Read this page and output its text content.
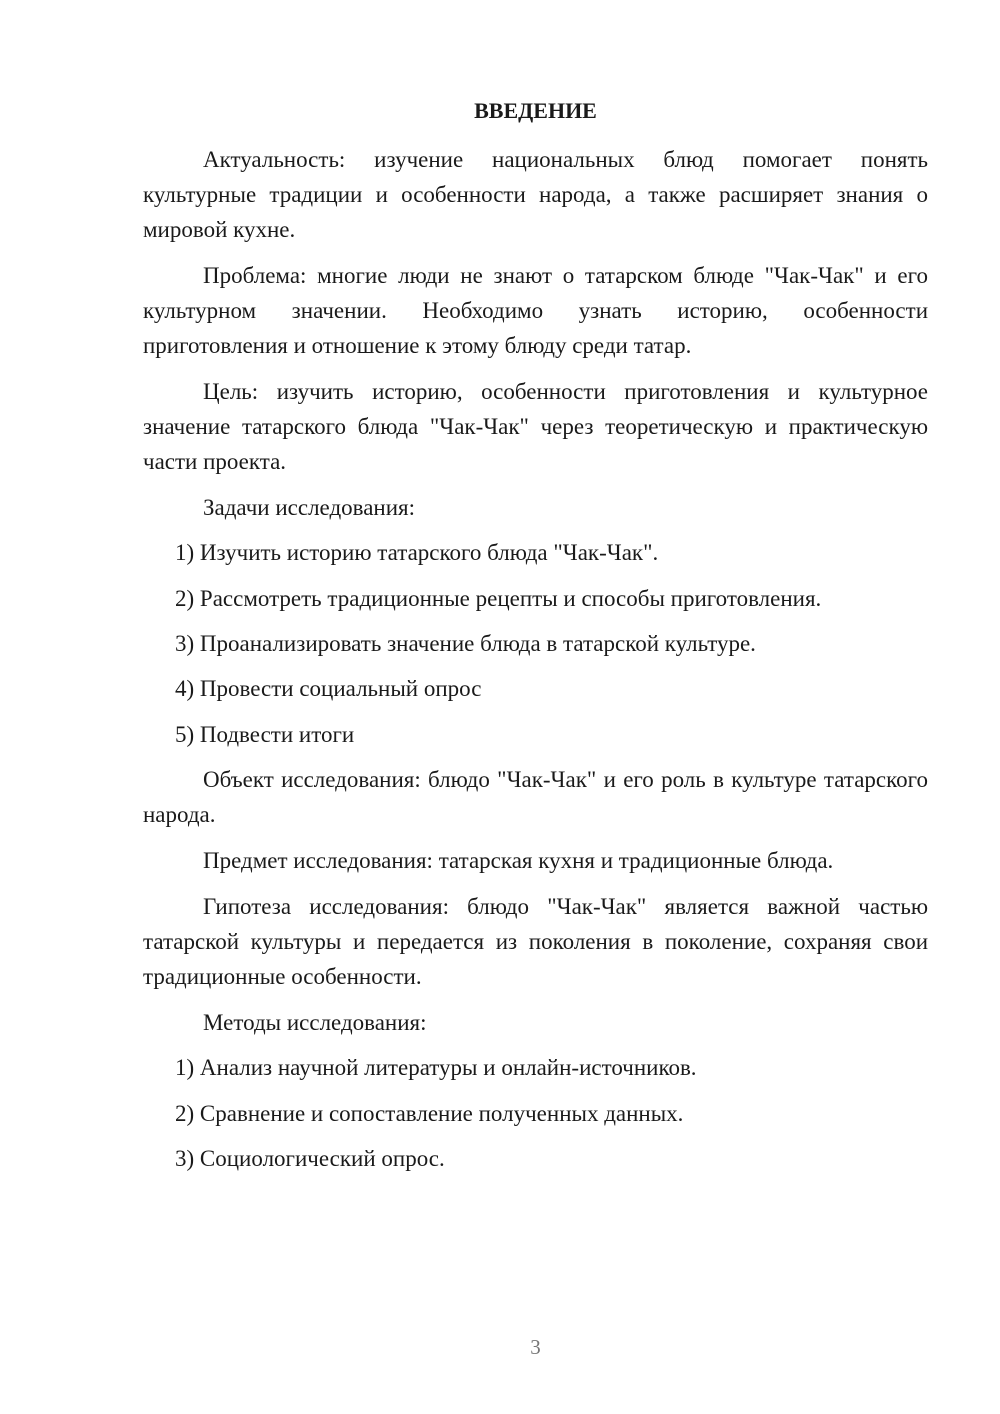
ВВЕДЕНИЕ

Актуальность: изучение национальных блюд помогает понять культурные традиции и особенности народа, а также расширяет знания о мировой кухне.

Проблема: многие люди не знают о татарском блюде "Чак-Чак" и его культурном значении. Необходимо узнать историю, особенности приготовления и отношение к этому блюду среди татар.

Цель: изучить историю, особенности приготовления и культурное значение татарского блюда "Чак-Чак" через теоретическую и практическую части проекта.

Задачи исследования:

1) Изучить историю татарского блюда "Чак-Чак".

2) Рассмотреть традиционные рецепты и способы приготовления.

3) Проанализировать значение блюда в татарской культуре.

4) Провести социальный опрос

5) Подвести итоги

Объект исследования: блюдо "Чак-Чак" и его роль в культуре татарского народа.

Предмет исследования: татарская кухня и традиционные блюда.

Гипотеза исследования: блюдо "Чак-Чак" является важной частью татарской культуры и передается из поколения в поколение, сохраняя свои традиционные особенности.

Методы исследования:

1) Анализ научной литературы и онлайн-источников.

2) Сравнение и сопоставление полученных данных.

3) Социологический опрос.

3
